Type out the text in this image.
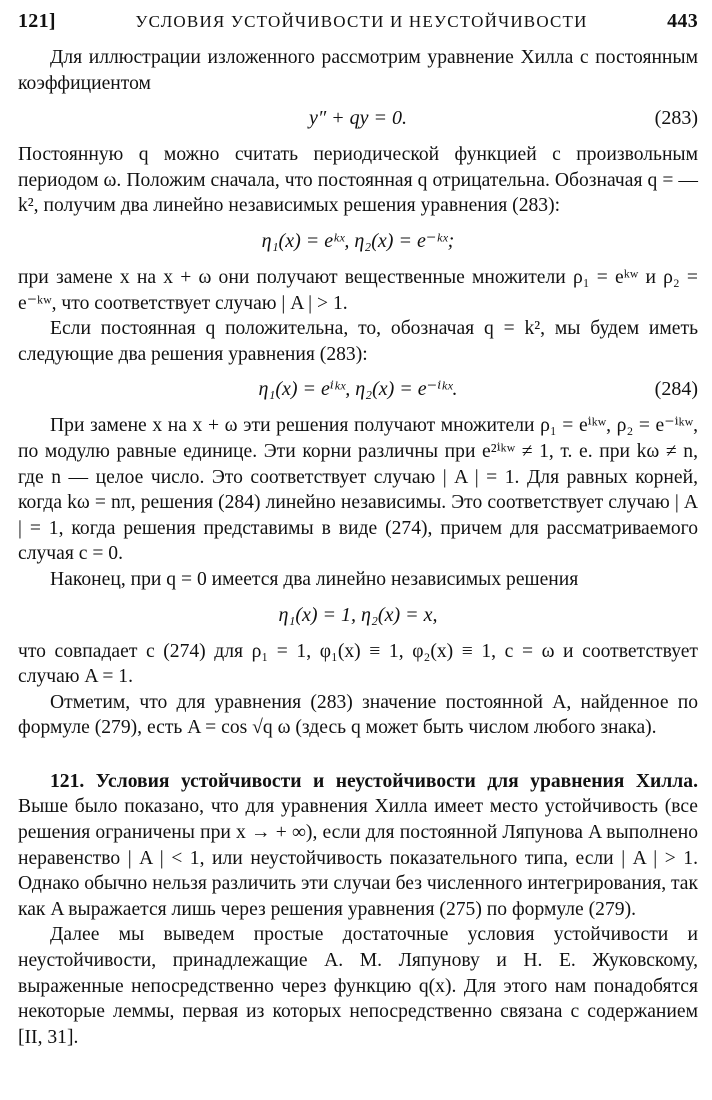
121]	УСЛОВИЯ УСТОЙЧИВОСТИ И НЕУСТОЙЧИВОСТИ	443

Для иллюстрации изложенного рассмотрим уравнение Хилла с постоянным коэффициентом

y″ + qy = 0.	(283)

Постоянную q можно считать периодической функцией с произвольным периодом ω. Положим сначала, что постоянная q отрицательна. Обозначая q = — k², получим два линейно независимых решения уравнения (283):

η₁(x) = eᵏˣ, η₂(x) = e⁻ᵏˣ;

при замене x на x + ω они получают вещественные множители ρ₁ = eᵏʷ и ρ₂ = e⁻ᵏʷ, что соответствует случаю | A | > 1.

Если постоянная q положительна, то, обозначая q = k², мы будем иметь следующие два решения уравнения (283):

η₁(x) = eⁱᵏˣ, η₂(x) = e⁻ⁱᵏˣ.	(284)

При замене x на x + ω эти решения получают множители ρ₁ = eⁱᵏʷ, ρ₂ = e⁻ⁱᵏʷ, по модулю равные единице. Эти корни различны при e²ⁱᵏʷ ≠ 1, т. е. при kω ≠ n, где n — целое число. Это соответствует случаю | A | = 1. Для равных корней, когда kω = nπ, решения (284) линейно независимы. Это соответствует случаю | A | = 1, когда решения представимы в виде (274), причем для рассматриваемого случая c = 0.

Наконец, при q = 0 имеется два линейно независимых решения

η₁(x) = 1, η₂(x) = x,

что совпадает с (274) для ρ₁ = 1, φ₁(x) ≡ 1, φ₂(x) ≡ 1, c = ω и соответствует случаю A = 1.

Отметим, что для уравнения (283) значение постоянной A, найденное по формуле (279), есть A = cos √q ω (здесь q может быть числом любого знака).

121. Условия устойчивости и неустойчивости для уравнения Хилла. Выше было показано, что для уравнения Хилла имеет место устойчивость (все решения ограничены при x → + ∞), если для постоянной Ляпунова A выполнено неравенство | A | < 1, или неустойчивость показательного типа, если | A | > 1. Однако обычно нельзя различить эти случаи без численного интегрирования, так как A выражается лишь через решения уравнения (275) по формуле (279).

Далее мы выведем простые достаточные условия устойчивости и неустойчивости, принадлежащие А. М. Ляпунову и Н. Е. Жуковскому, выраженные непосредственно через функцию q(x). Для этого нам понадобятся некоторые леммы, первая из которых непосредственно связана с содержанием [II, 31].
